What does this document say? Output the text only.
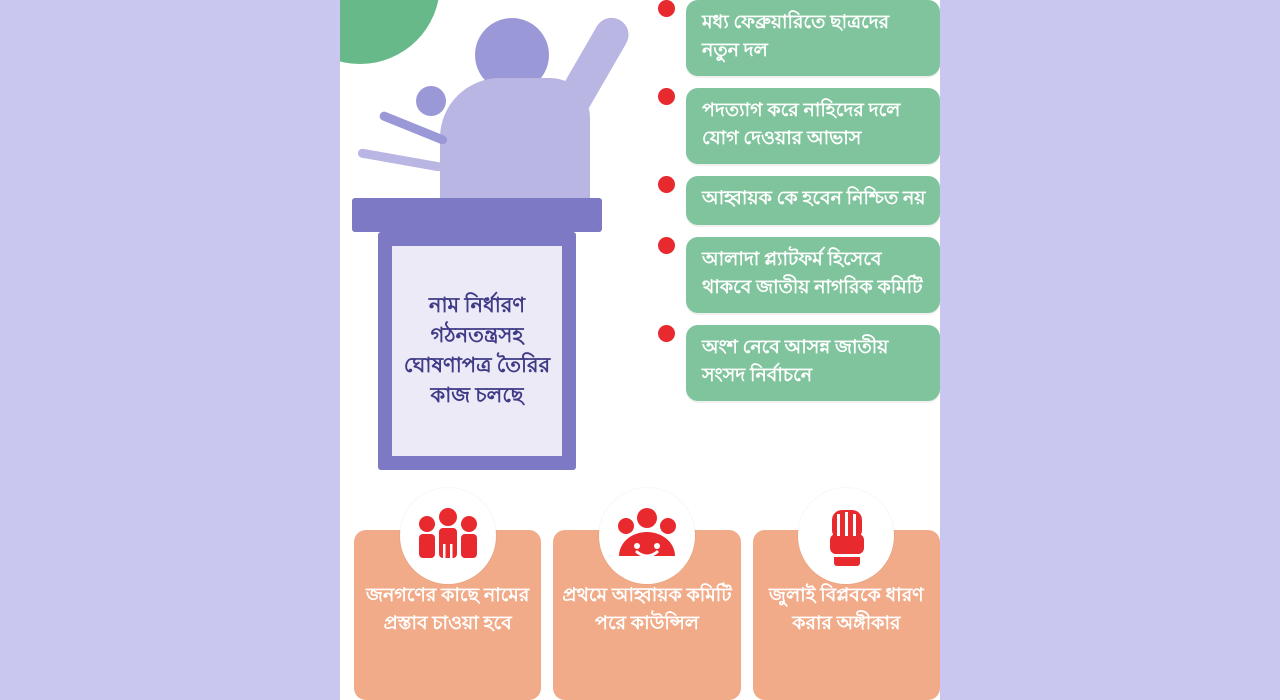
নাম নির্ধারণ গঠনতন্ত্রসহ ঘোষণাপত্র তৈরির কাজ চলছে
মধ্য ফেব্রুয়ারিতে ছাত্রদের নতুন দল
পদত্যাগ করে নাহিদের দলে যোগ দেওয়ার আভাস
আহ্বায়ক কে হবেন নিশ্চিত নয়
আলাদা প্ল্যাটফর্ম হিসেবে থাকবে জাতীয় নাগরিক কমিটি
অংশ নেবে আসন্ন জাতীয় সংসদ নির্বাচনে
জনগণের কাছে নামের প্রস্তাব চাওয়া হবে
প্রথমে আহ্বায়ক কমিটি পরে কাউন্সিল
জুলাই বিপ্লবকে ধারণ করার অঙ্গীকার
